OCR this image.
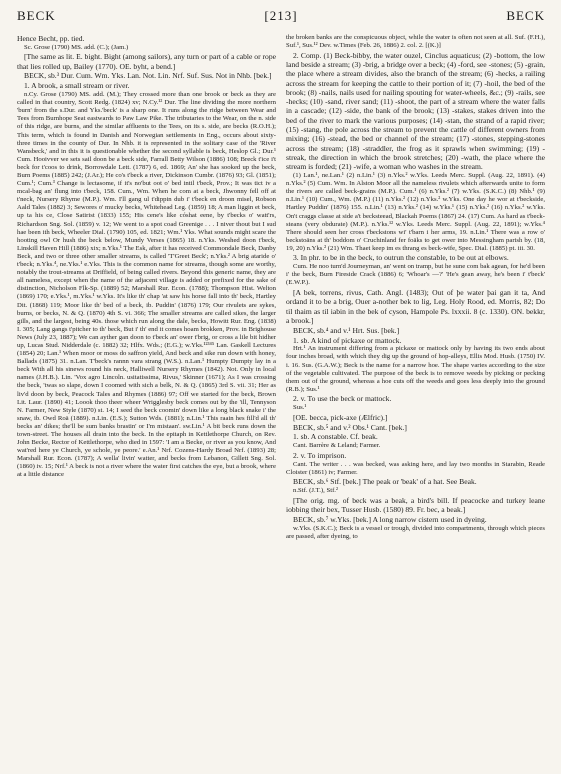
BECK	[213]	BECK

Hence Becht, pp. tied.

Sc. Grose (1790) MS. add. (C.); (Jam.)

[The same as lit. E. bight. Bight (among sailors), any turn or part of a cable or rope that lies rolled up, Bailey (1770). OE. byht, a bend.]

BECK, sb.³ Dur. Cum. Wm. Yks. Lan. Not. Lin. Nrf. Suf. Sus. Not in Nhb. [bek.]

1. A brook, a small stream or river.

n.Cy. Grose (1790) MS. add. (M.); They crossed more than one brook or beck as they are called in that country, Scott Redg. (1824) xv; N.Cy.¹² Dur. The line dividing the more northern 'burn' from the s.Dur. and Yks.'beck' is a sharp one. It runs along the ridge between Wear and Tees from Burnhope Seat eastwards to Paw Law Pike. The tributaries to the Wear, on the n. side of this ridge, are burns, and the similar affluents to the Tees, on its s. side, are becks (R.O.H.); This term, which is found in Danish and Norwegian settlements in Eng., occurs about sixty-three times in the county of Dur. In Nhb. it is represented in the solitary case of the 'River Wansbeck,' and in this it is questionable whether the second syllable is beck, Heslop Gl.; Dur.¹ Cum. Hooivver we sets sail doon be a beck side, Farrall Betty Wilson (1886) 108; Breck t'ice i't beck for t'coos to drink, Borrowdale Lett. (1787) 6, ed. 1869; An' she has sooked up the beck, Burn Poems (1885) 242; (J.Ar.); He co's t'beck a river, Dickinson Cumbr. (1876) 93; Gl. (1851); Cum.¹; Cum.³ Change is lectasome, if it's no'but oot o' bed intil t'beck, Prov.; It was tict iv a mcal-bag an' flung into t'beck, 158. Cum., Wm. When he com at a beck, Jhwonny fell off at t'neck, Nursery Rhyme (M.P.). Wm. I'll gang ul t'dippin dub i' t'beck en droon misel, Robson Aald Tales (1882) 3; Sewores o' mucky becks, Whitehead Leg. (1859) 18; A man liggin et beck, up ta his ce, Close Satirist (1833) 155; His cene's like cóshat eene, by t'becks o' watt'rs, Richardson Sng. Sol. (1859) v. 12; We went to a spot coad Greenige . . . I niver thout but I sud hae been ith beck, Wheeler Dial. (1790) 105, ed. 1821; Wm.¹ Yks. What sounds might scare the hooting owl Or hush the beck below, Mundy Verses (1865) 18. n.Yks. Weshed doon t'beck, Linskill Haven Hill (1886) xix; n.Yks.¹ The Esk, after it has received Commondale Beck, Danby Beck, and two or three other smaller streams, is called 'T'Greet Beck'; n.Yks.² A brig ataride o' t'beck; n.Yks.⁴, ne.Yks.¹ e.Yks. This is the common name for streams, though some are worthy, notably the trout-streams at Driffield, of being called rivers. Beyond this generic name, they are all nameless, except when the name of the adjacent village is added or prefixed for the sake of distinction, Nicholson Flk-Sp. (1889) 52; Marshall Rur. Econ. (1788); Thompson Hist. Welton (1869) 170; e.Yks.¹, m.Yks.¹ w.Yks. It's like th' chap 'at saw his horse fall into th' beck, Hartley Dit. (1868) 119; Moor like th' bed of a beck, ib. Puddin' (1876) 179; Our rivulets are sykes, burns, or becks, N. & Q. (1870) 4th S. vi. 366; The smaller streams are called sikes, the larger gills, and the largest, being 40s. those which run along the dale, becks, Howitt Rur. Eng. (1838) I. 305; Lang gangs t'pitcher to th' beck, But i' th' end it comes hoam brokken, Prov. in Brighouse News (July 23, 1887); We can ayther gan doon to t'beck an' ower t'brig, or cross a lile bit hidher up, Lucas Stud. Nidderdale (c. 1882) 32; Hlfx. Wds.; (E.G.); w.Yks.¹²³⁴⁵ Lan. Gaskell Lectures (1854) 20; Lan.¹ When moor or moss do saffron yield, And beck and sike run down with honey, Ballads (1875) 31. n.Lan. T'beck's rannn vara strang (W.S.). n.Lan.¹ Humpty Dumpty lay in a beck With all his sinews round his neck, Halliwell Nursery Rhymes (1842). Not. Only in local names (J.H.B.). Lin. 'Vox agro Lincoln. usitatissima, Rivus,' Skinner (1671); As I was crossing the beck, 'twas so slape, down I coomed with sich a belk, N. & Q. (1865) 3rd S. vii. 31; Her as liv'd doon by beck, Peacock Tales and Rhymes (1886) 97; Off we started for the beck, Brown Lit. Laur. (1890) 41; Loook thoo theer wheer Wrigglesby beck comes out by the 'ill, Tennyson N. Farmer, New Style (1870) st. 14; I seed the beck coomin' down like a long black snake i' the snaw, ib. Owd Roä (1889). n.Lin. (E.S.); Sutton Wds. (1881); n.Lin.¹ This raain hes fill'd all th' becks an' dikes; the'll be sum banks brastin' or I'm mistaan'. sw.Lin.¹ A bit beck runs down the town-street. The houses all drain into the beck. In the epitaph in Kettlethorpe Church, on Rev. John Becke, Rector of Kettlethorpe, who died in 1597: 'I am a Becke, or river as you know, And wat'red here ye Church, ye schole, ye peore.' e.An.¹ Nrf. Cozens-Hardy Broad Nrf. (1893) 28; Marshall Rur. Econ. (1787); A wella' livin' watter, and becks from Lebanon, Gillett Sng. Sol. (1860) iv. 15; Nrf.¹ A beck is not a river where the water first catches the eye, but a brook, where at a little distance

the broken banks are the conspicuous object, while the water is often not seen at all. Suf. (F.H.), Suf.¹, Sus.¹² Dev. w.Times (Feb. 26, 1886) 2. col. 2. [(K.)]

2. Comp. (1) Beck-bibby, the water ouzel, Cinclus aquaticus; (2) -bottom, the low land beside a stream; (3) -brig, a bridge over a beck; (4) -ford, see -stones; (5) -grain, the place where a stream divides, also the branch of the stream; (6) -hecks, a railing across the stream for keeping the cattle to their portion of it; (7) -hoil, the bed of the brook; (8) -nails, nails used for nailing spouting for water-wheels, &c.; (9) -rails, see -hecks; (10) -sand, river sand; (11) -shoot, the part of a stream where the water falls in a cascade; (12) -side, the bank of the brook; (13) -stakes, stakes driven into the bed of the river to mark the various purposes; (14) -stan, the strand of a rapid river; (15) -stang, the pole across the stream to prevent the cattle of different owners from mixing; (16) -stead, the bed or channel of the stream; (17) -stones, stepping-stones across the stream; (18) -straddler, the frog as it sprawls when swimming; (19) -streak, the direction in which the brook stretches; (20) -wath, the place where the stream is forded; (21) -wife, a woman who washes in the stream.

(1) Lan.¹, ne.Lan.¹ (2) n.Lin.¹ (3) n.Yks.² w.Yks. Leeds Merc. Suppl. (Aug. 22, 1891). (4) n.Yks.² (5) Cum. Wm. In Alston Moor all the nameless rivulets which afterwards unite to form the rivers are called beck-grains (M.P.). Cum.¹ (6) n.Yks.² (7) w.Yks. (S.K.C.) (8) Nhb.¹ (9) n.Lin.¹ (10) Cum., Wm. (M.P.) (11) n.Yks.² (12) n.Yks.² w.Yks. One day he wor at t'beckside, Hartley Puddin' (1876) 155. n.Lin.¹ (13) n.Yks.² (14) w.Yks.¹ (15) n.Yks.² (16) n.Yks.² w.Yks. On't craggs classe at side a't becksteead, Blackah Poems (1867) 24. (17) Cum. As hard as t'beck-steans (very obdurate) (M.P.). n.Yks.¹² w.Yks. Leeds Merc. Suppl. (Aug. 22, 1891); w.Yks.⁴ There should seen her cross t'beckstons wi' t'barn i her arms, 19. n.Lin.¹ There was a row o' beckstoäns at th' boddom o' Cruchinland fer foäks to get ower into Messingham parish by. (18, 19, 20) n.Yks.² (21) Wm. Thaet keep im es thrang es beck-wife, Spec. Dial. (1885) pt. iii. 30.

3. In phr. to be in the beck, to outrun the constable, to be out at elbows.

Cum. He noo turn'd Journeyman, an' went on tramp, but he sune com bak agean, for he'd been i' the beck, Burn Fireside Crack (1886) 6; 'Whoar's —?' 'He's gean away, he's been i' t'beck' (E.W.P.).

[A bek, torrens, rivus, Cath. Angl. (1483); Out of þe water þai gan it ta, And ordand it to be a brig, Ouer a-nother bek to lig, Leg. Holy Rood, ed. Morris, 82; Do til thaim as til iabin in the bek of cyson, Hampole Ps. lxxxii. 8 (c. 1330). ON. bekkr, a brook.]

BECK, sb.⁴ and v.¹ Hrt. Sus. [bek.]

1. sb. A kind of pickaxe or mattock.

Hrt.¹ An instrument differing from a pickaxe or mattock only by having its two ends about four inches broad, with which they dig up the ground of hop-alleys, Ellis Mod. Husb. (1750) IV. i. 16. Sus. (G.A.W.); Beck is the name for a narrow hoe. The shape varies according to the size of the vegetable cultivated. The purpose of the beck is to remove weeds by picking or pecking them out of the ground, whereas a hoe cuts off the weeds and goes less deeply into the ground (R.B.); Sus.¹

2. v. To use the beck or mattock.

Sus.¹

[OE. becca, pick-axe (Ælfric).]

BECK, sb.⁵ and v.² Obs.¹ Cant. [bek.]

1. sb. A constable. Cf. beak.

Cant. Barrère & Leland; Farmer.

2. v. To imprison.

Cant. The writer . . . was becked, was asking here, and lay two months in Starabin, Reade Cloister (1861) iv; Farmer.

BECK, sb.⁶ Stf. [bek.] The peak or 'beak' of a hat. See Beak.

n.Stf. (J.T.), Stf.²

[The orig. mg. of beck was a beak, a bird's bill. If peacocke and turkey leane iobbing their bex, Tusser Husb. (1580) 89. Fr. bec, a beak.]

BECK, sb.⁷ w.Yks. [bek.] A long narrow cistern used in dyeing.

w.Yks. (S.K.C.); Beck is a vessel or trough, divided into compartments, through which pieces are passed, after dyeing, to
